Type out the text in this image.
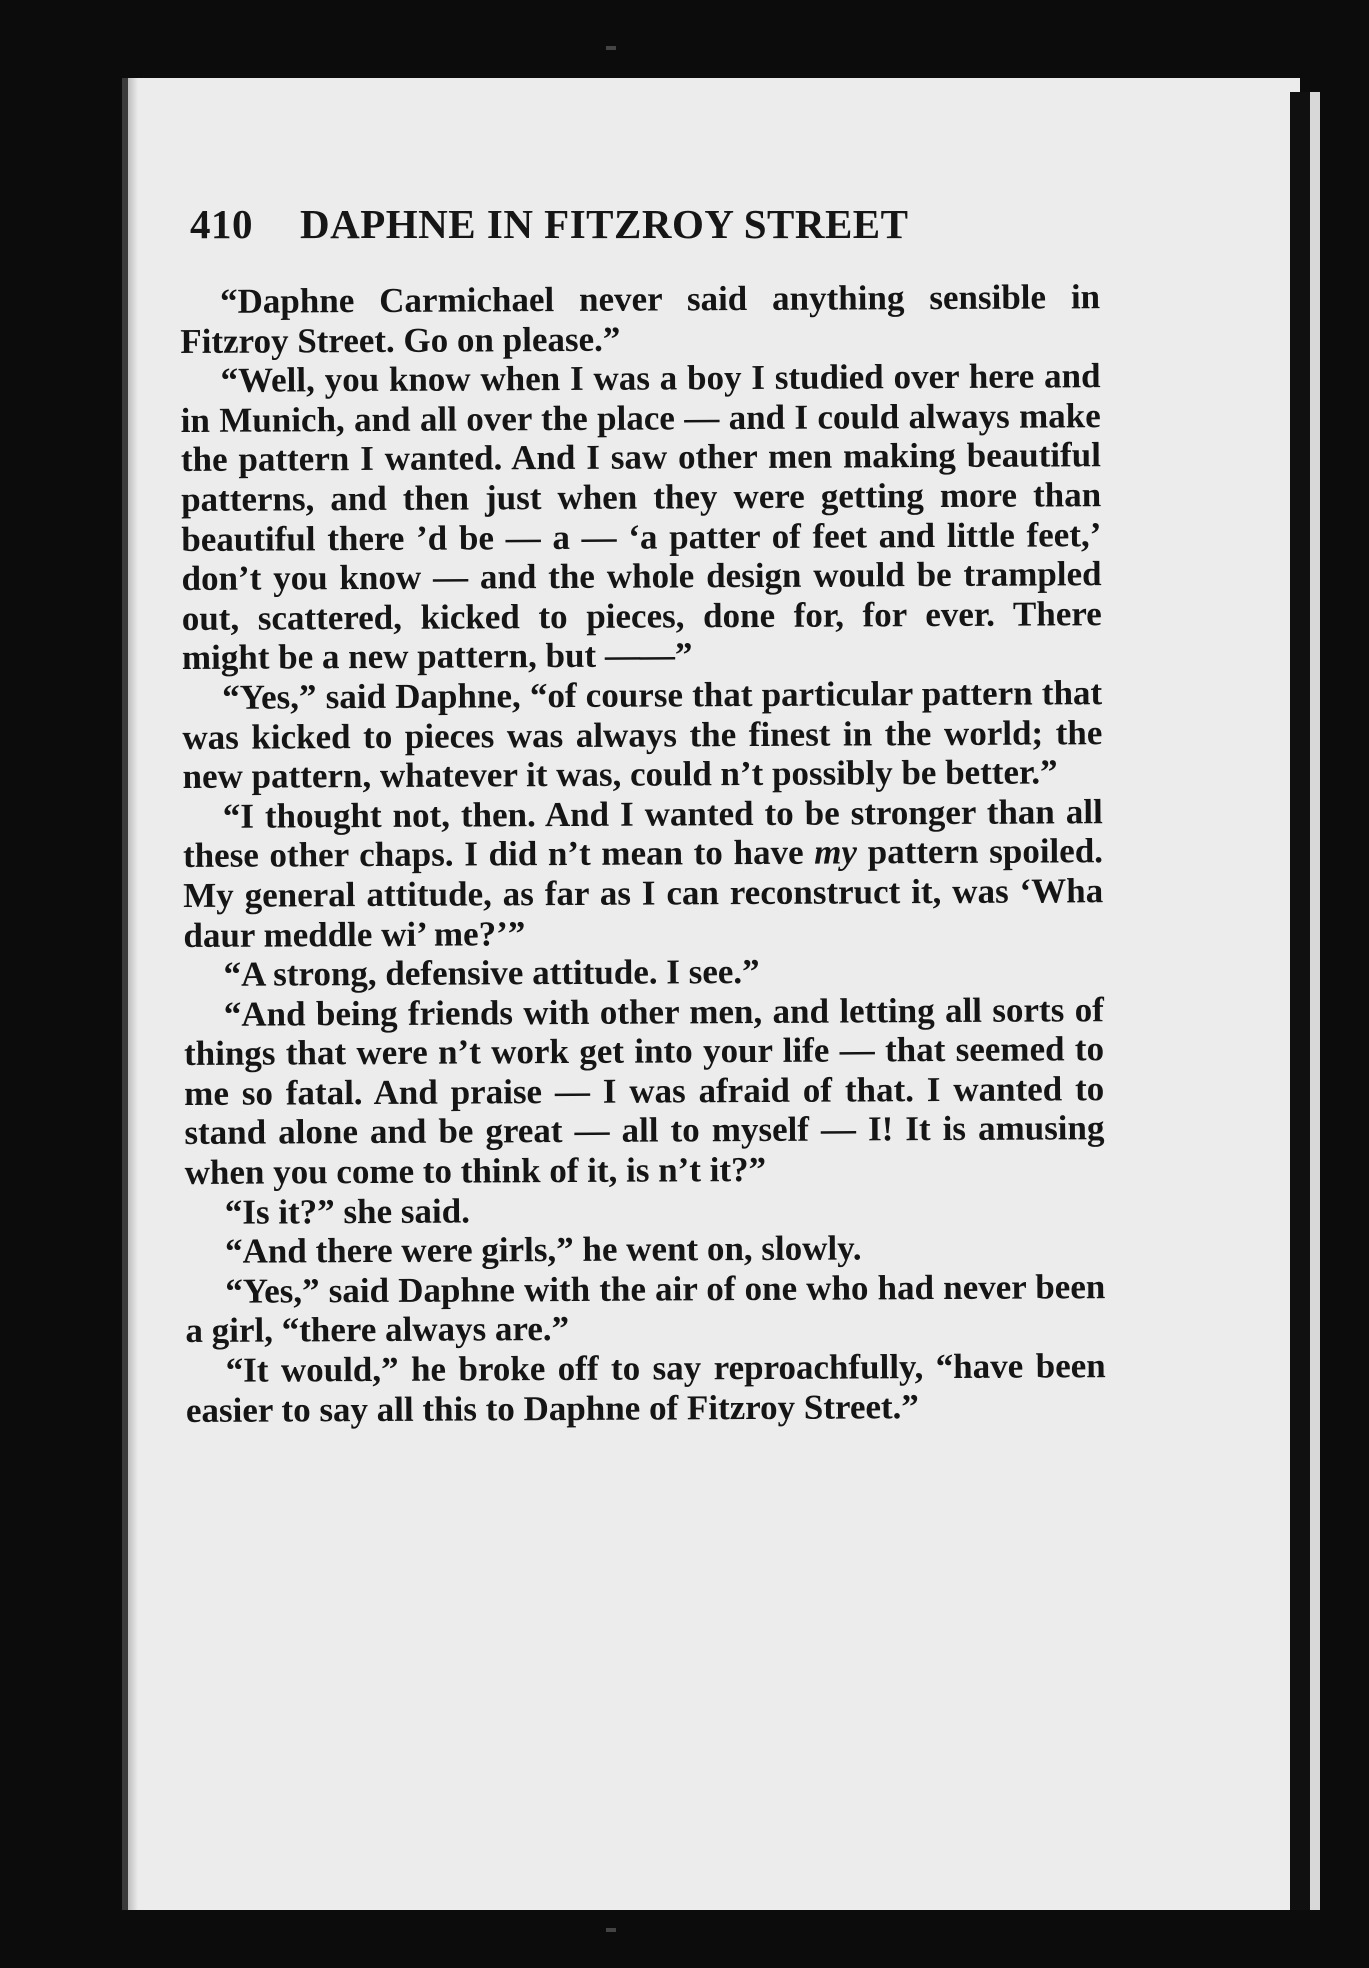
410 DAPHNE IN FITZROY STREET

“Daphne Carmichael never said anything sensible in Fitzroy Street. Go on please.”

“Well, you know when I was a boy I studied over here and in Munich, and all over the place — and I could always make the pattern I wanted. And I saw other men making beautiful patterns, and then just when they were getting more than beautiful there ’d be — a — ‘a patter of feet and little feet,’ don’t you know — and the whole design would be trampled out, scattered, kicked to pieces, done for, for ever. There might be a new pattern, but ——”

“Yes,” said Daphne, “of course that particular pattern that was kicked to pieces was always the finest in the world; the new pattern, whatever it was, could n’t possibly be better.”

“I thought not, then. And I wanted to be stronger than all these other chaps. I did n’t mean to have my pattern spoiled. My general attitude, as far as I can reconstruct it, was ‘Wha daur meddle wi’ me?’”

“A strong, defensive attitude. I see.”

“And being friends with other men, and letting all sorts of things that were n’t work get into your life — that seemed to me so fatal. And praise — I was afraid of that. I wanted to stand alone and be great — all to myself — I! It is amusing when you come to think of it, is n’t it?”

“Is it?” she said.

“And there were girls,” he went on, slowly.

“Yes,” said Daphne with the air of one who had never been a girl, “there always are.”

“It would,” he broke off to say reproachfully, “have been easier to say all this to Daphne of Fitzroy Street.”
